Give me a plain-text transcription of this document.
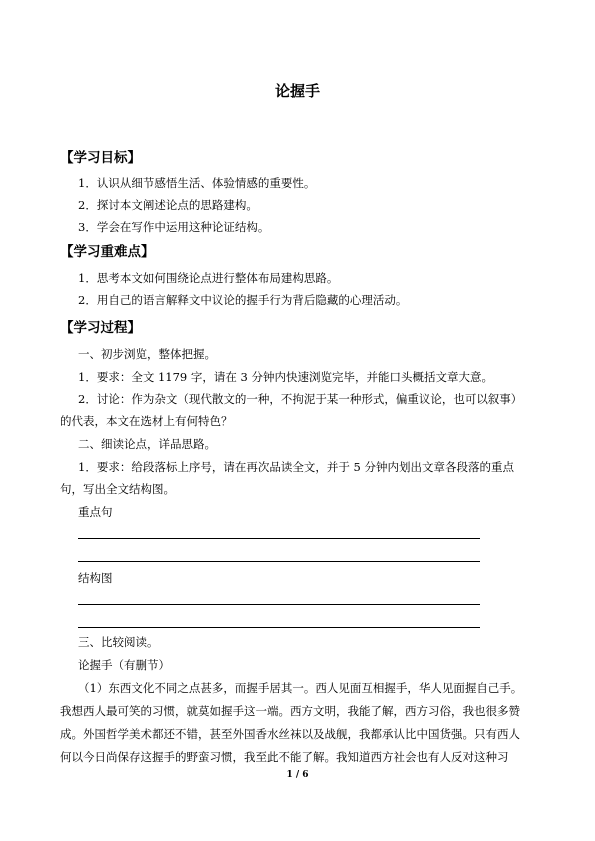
论握手
【学习目标】
1．认识从细节感悟生活、体验情感的重要性。
2．探讨本文阐述论点的思路建构。
3．学会在写作中运用这种论证结构。
【学习重难点】
1．思考本文如何围绕论点进行整体布局建构思路。
2．用自己的语言解释文中议论的握手行为背后隐藏的心理活动。
【学习过程】
一、初步浏览，整体把握。
1．要求：全文 1179 字，请在 3 分钟内快速浏览完毕，并能口头概括文章大意。
2．讨论：作为杂文（现代散文的一种，不拘泥于某一种形式，偏重议论，也可以叙事）
的代表，本文在选材上有何特色？
二、细读论点，详品思路。
1．要求：给段落标上序号，请在再次品读全文，并于 5 分钟内划出文章各段落的重点
句，写出全文结构图。
重点句
结构图
三、比较阅读。
论握手（有删节）
（1）东西文化不同之点甚多，而握手居其一。西人见面互相握手，华人见面握自己手。
我想西人最可笑的习惯，就莫如握手这一端。西方文明，我能了解，西方习俗，我也很多赞
成。外国哲学美术都还不错，甚至外国香水丝袜以及战舰，我都承认比中国货强。只有西人
何以今日尚保存这握手的野蛮习惯，我至此不能了解。我知道西方社会也有人反对这种习
1 / 6
